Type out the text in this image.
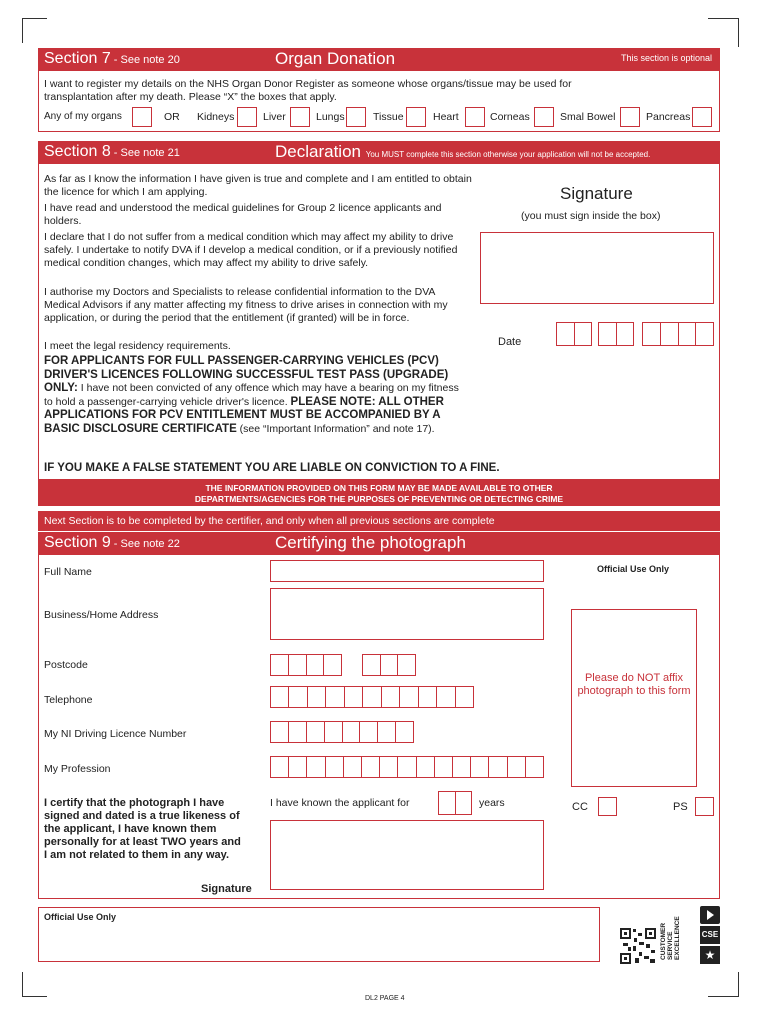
Section 7 - See note 20	Organ Donation	This section is optional
I want to register my details on the NHS Organ Donor Register as someone whose organs/tissue may be used for
transplantation after my death. Please “X” the boxes that apply.
Any of my organs	OR Kidneys	Liver	Lungs	Tissue	Heart	Corneas	Smal Bowel	Pancreas
Section 8 - See note 21	Declaration You MUST complete this section otherwise your application will not be accepted.
As far as I know the information I have given is true and complete and I am entitled to obtain the licence for which I am applying.
I have read and understood the medical guidelines for Group 2 licence applicants and holders.
I declare that I do not suffer from a medical condition which may affect my ability to drive safely. I undertake to notify DVA if I develop a medical condition, or if a previously notified medical condition changes, which may affect my ability to drive safely.
I authorise my Doctors and Specialists to release confidential information to the DVA Medical Advisors if any matter affecting my fitness to drive arises in connection with my application, or during the period that the entitlement (if granted) will be in force.
I meet the legal residency requirements.
FOR APPLICANTS FOR FULL PASSENGER-CARRYING VEHICLES (PCV) DRIVER'S LICENCES FOLLOWING SUCCESSFUL TEST PASS (UPGRADE) ONLY: I have not been convicted of any offence which may have a bearing on my fitness to hold a passenger-carrying vehicle driver's licence. PLEASE NOTE: ALL OTHER APPLICATIONS FOR PCV ENTITLEMENT MUST BE ACCOMPANIED BY A BASIC DISCLOSURE CERTIFICATE (see “Important Information” and note 17).
IF YOU MAKE A FALSE STATEMENT YOU ARE LIABLE ON CONVICTION TO A FINE.
Signature
(you must sign inside the box)
Date
THE INFORMATION PROVIDED ON THIS FORM MAY BE MADE AVAILABLE TO OTHER
DEPARTMENTS/AGENCIES FOR THE PURPOSES OF PREVENTING OR DETECTING CRIME
Next Section is to be completed by the certifier, and only when all previous sections are complete
Section 9 - See note 22	Certifying the photograph
Full Name
Business/Home Address
Postcode
Telephone
My NI Driving Licence Number
My Profession
I certify that the photograph I have signed and dated is a true likeness of the applicant, I have known them personally for at least TWO years and I am not related to them in any way.
I have known the applicant for	years
Signature
Official Use Only
Please do NOT affix photograph to this form
CC	PS
Official Use Only
CUSTOMER SERVICE EXCELLENCE	CSE
★
DL2 PAGE 4
